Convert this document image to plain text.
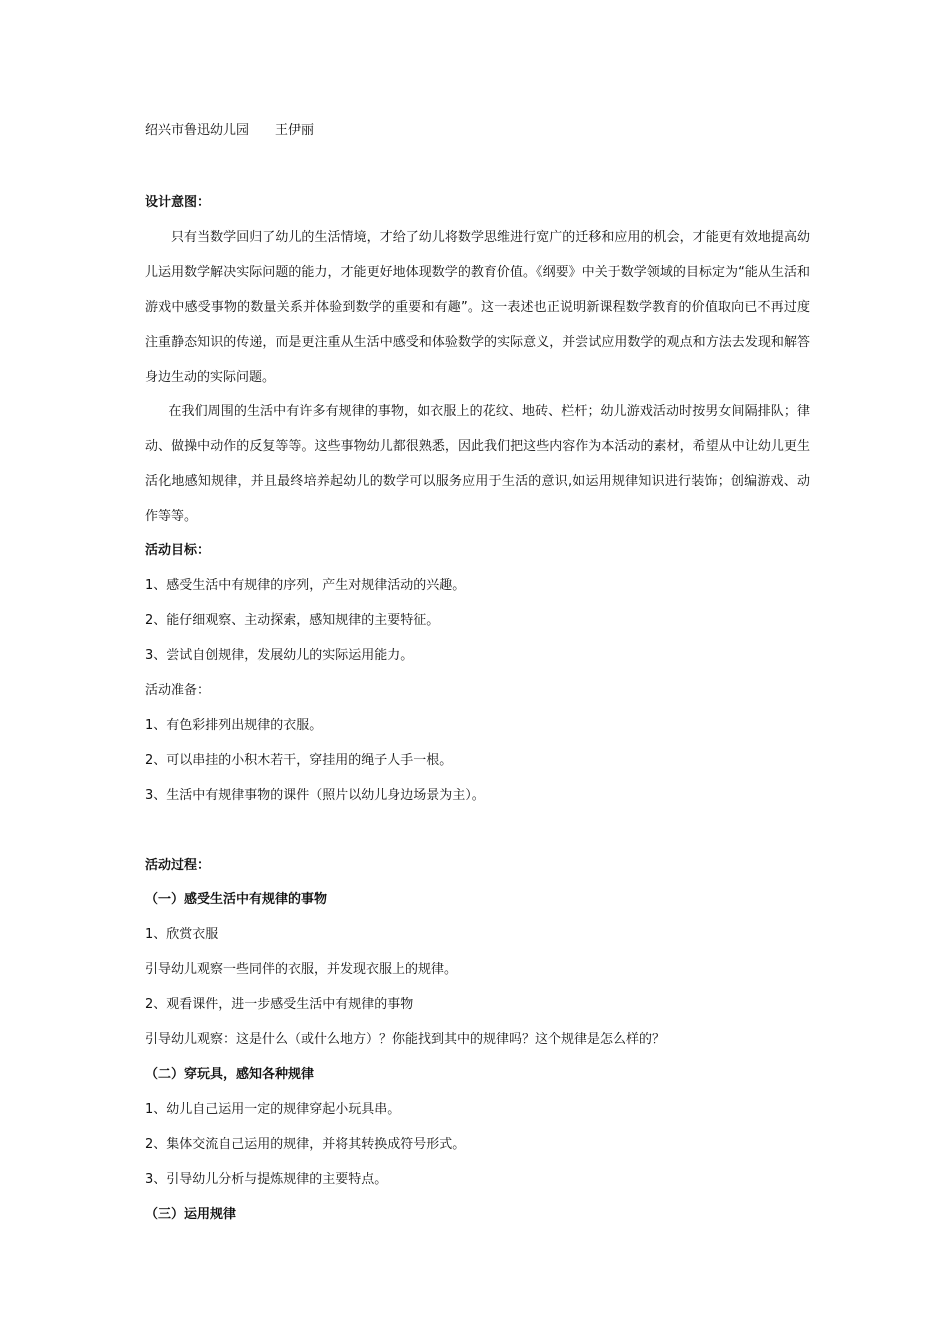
绍兴市鲁迅幼儿园 王伊丽
设计意图：

只有当数学回归了幼儿的生活情境，才给了幼儿将数学思维进行宽广的迁移和应用的机会，才能更有效地提高幼儿运用数学解决实际问题的能力，才能更好地体现数学的教育价值。《纲要》中关于数学领域的目标定为“能从生活和游戏中感受事物的数量关系并体验到数学的重要和有趣”。这一表述也正说明新课程数学教育的价值取向已不再过度注重静态知识的传递，而是更注重从生活中感受和体验数学的实际意义，并尝试应用数学的观点和方法去发现和解答身边生动的实际问题。

在我们周围的生活中有许多有规律的事物，如衣服上的花纹、地砖、栏杆；幼儿游戏活动时按男女间隔排队；律动、做操中动作的反复等等。这些事物幼儿都很熟悉，因此我们把这些内容作为本活动的素材，希望从中让幼儿更生活化地感知规律，并且最终培养起幼儿的数学可以服务应用于生活的意识,如运用规律知识进行装饰；创编游戏、动作等等。

活动目标：
1、感受生活中有规律的序列，产生对规律活动的兴趣。
2、能仔细观察、主动探索，感知规律的主要特征。
3、尝试自创规律，发展幼儿的实际运用能力。
活动准备：
1、有色彩排列出规律的衣服。
2、可以串挂的小积木若干，穿挂用的绳子人手一根。
3、生活中有规律事物的课件（照片以幼儿身边场景为主）。
活动过程：
（一）感受生活中有规律的事物
1、欣赏衣服
引导幼儿观察一些同伴的衣服，并发现衣服上的规律。
2、观看课件，进一步感受生活中有规律的事物
引导幼儿观察：这是什么（或什么地方）？你能找到其中的规律吗？这个规律是怎么样的？
（二）穿玩具，感知各种规律
1、幼儿自己运用一定的规律穿起小玩具串。
2、集体交流自己运用的规律，并将其转换成符号形式。
3、引导幼儿分析与提炼规律的主要特点。
（三）运用规律
